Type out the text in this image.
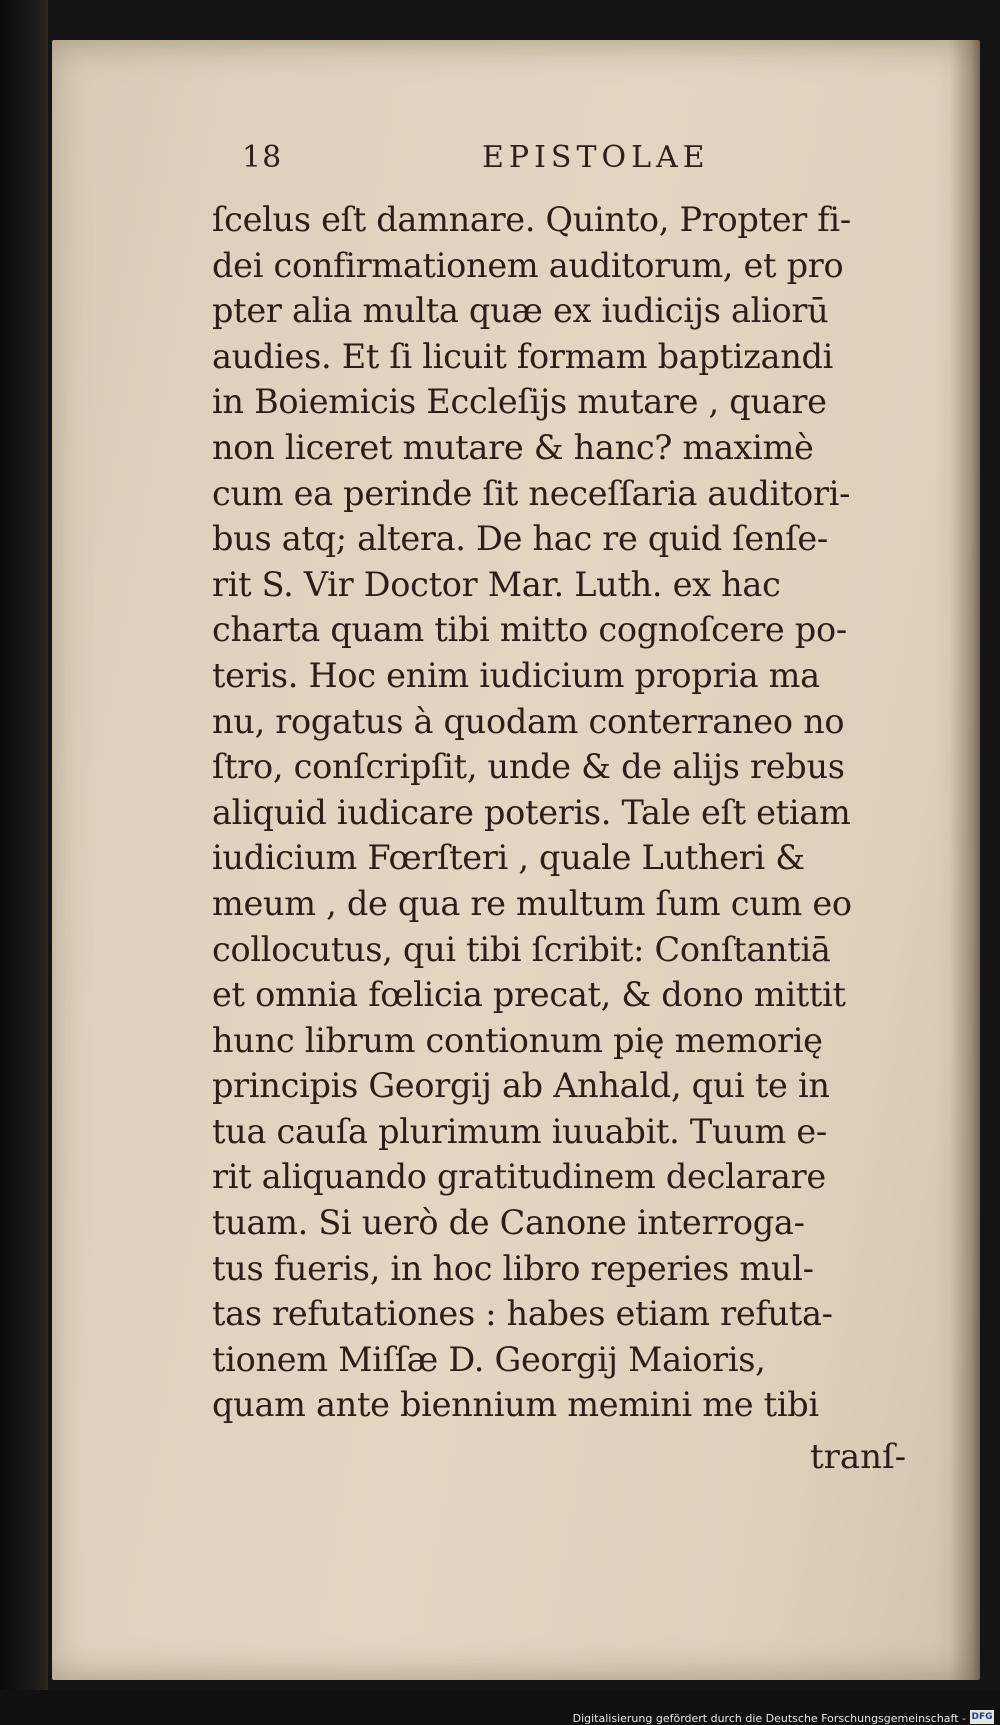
18	EPISTOLAE
ſcelus eſt damnare. Quinto, Propter fi-
dei confirmationem auditorum, et pro
pter alia multa quæ ex iudicijs aliorū
audies. Et ſi licuit formam baptizandi
in Boiemicis Eccleſijs mutare , quare
non liceret mutare & hanc? maximè
cum ea perinde ſit neceſſaria auditori-
bus atq; altera. De hac re quid ſenſe-
rit S. Vir Doctor Mar. Luth. ex hac
charta quam tibi mitto cognoſcere po-
teris. Hoc enim iudicium propria ma
nu, rogatus à quodam conterraneo no
ſtro, conſcripſit, unde & de alijs rebus
aliquid iudicare poteris. Tale eſt etiam
iudicium Fœrſteri , quale Lutheri &
meum , de qua re multum ſum cum eo
collocutus, qui tibi ſcribit: Conſtantiā
et omnia fœlicia precat, & dono mittit
hunc librum contionum pię memorię
principis Georgij ab Anhald, qui te in
tua cauſa plurimum iuuabit. Tuum e-
rit aliquando gratitudinem declarare
tuam. Si uerò de Canone interroga-
tus fueris, in hoc libro reperies mul-
tas refutationes : habes etiam refuta-
tionem Miſſæ D. Georgij Maioris,
quam ante biennium memini me tibi
tranſ-
Digitalisierung gefördert durch die Deutsche Forschungsgemeinschaft - DFG
